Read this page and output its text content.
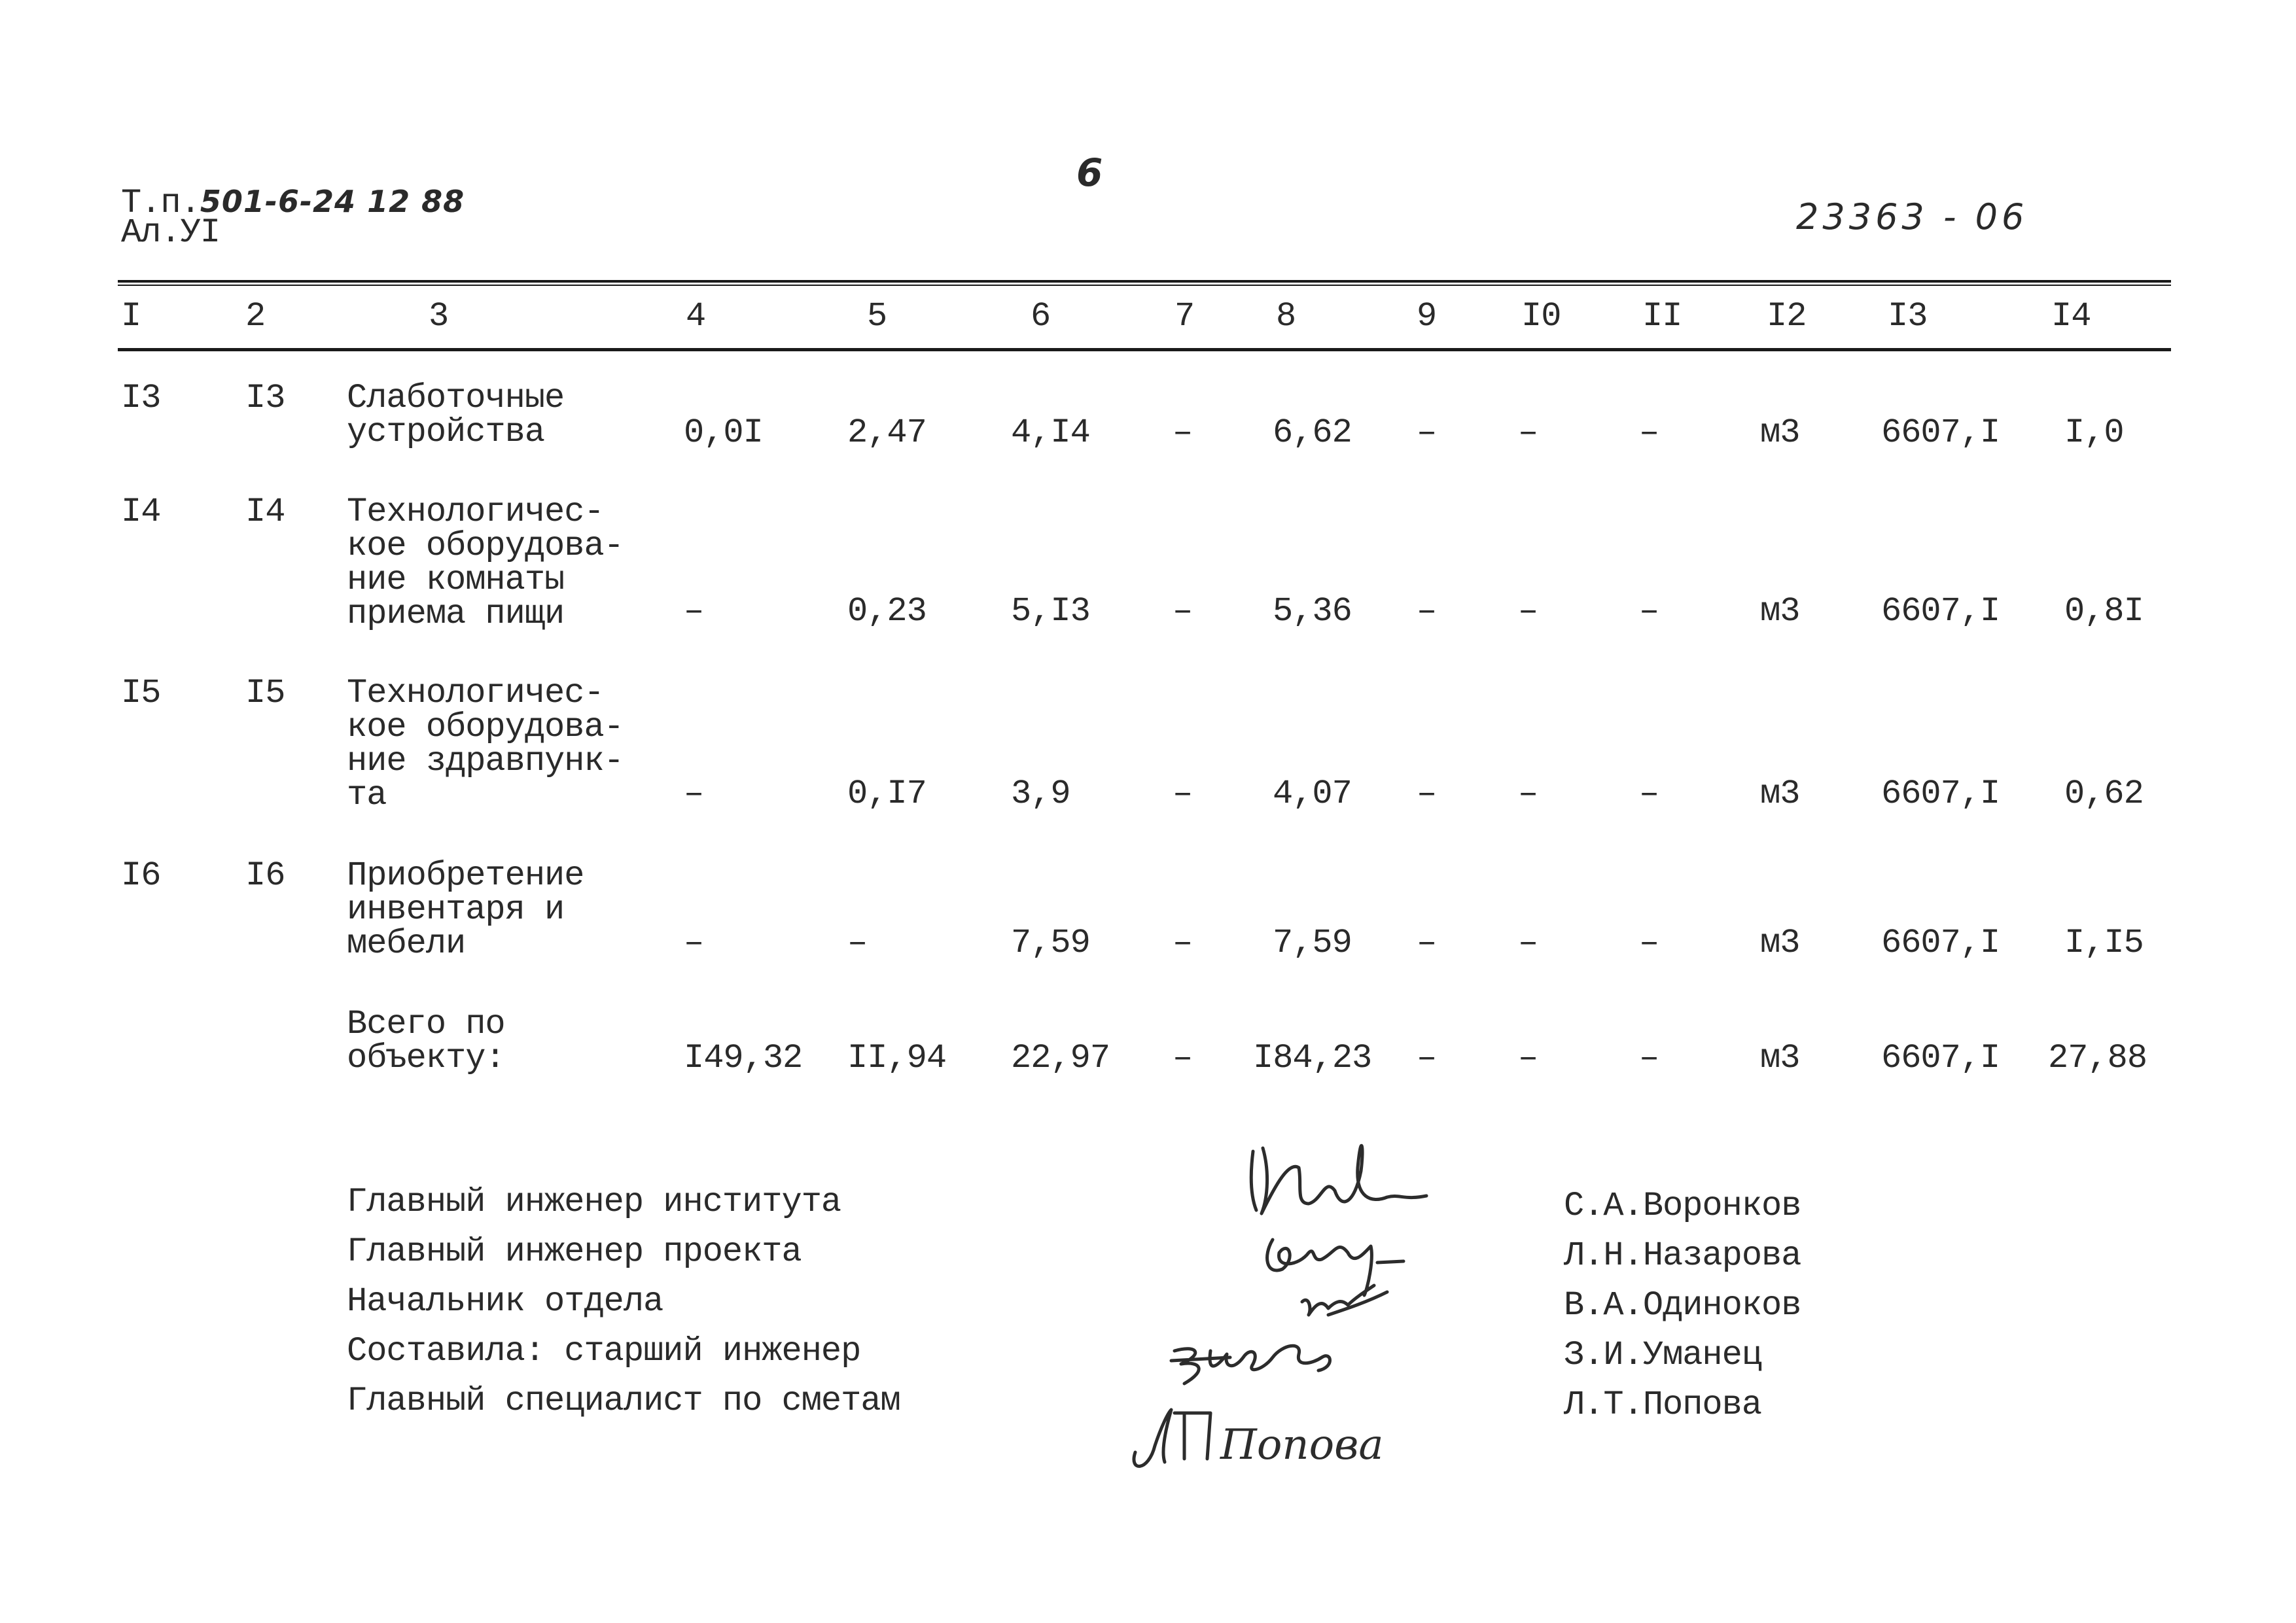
Т.п.501-6-24 12 88
Ал.УI
6
23363 - 06
I	2	3	4	5	6	7 8	9 I0 II I2 I3	I4
I3 I3 Слаботочные
устройства	0,0I 2,47 4,I4 – 6,62 – –	–	м3 6607,I I,0
I4 I4 Технологичес-
кое оборудова-
ние комнаты
приема пищи	–	0,23 5,I3 – 5,36 – –	–	м3 6607,I 0,8I
I5 I5 Технологичес-
кое оборудова-
ние здравпунк-
та	–	0,I7 3,9	– 4,07 – –	–	м3 6607,I 0,62
I6 I6 Приобретение
инвентаря и
мебели	–	–	7,59 – 7,59 – –	–	м3 6607,I I,I5
Всего по
объекту:	I49,32 II,94 22,97 – I84,23 – –	–	м3 6607,I 27,88
Главный инженер института
Главный инженер проекта
Начальник отдела
Составила: старший инженер
Главный специалист по сметам
Попова
С.А.Воронков
Л.Н.Назарова
В.А.Одиноков
З.И.Уманец
Л.Т.Попова
